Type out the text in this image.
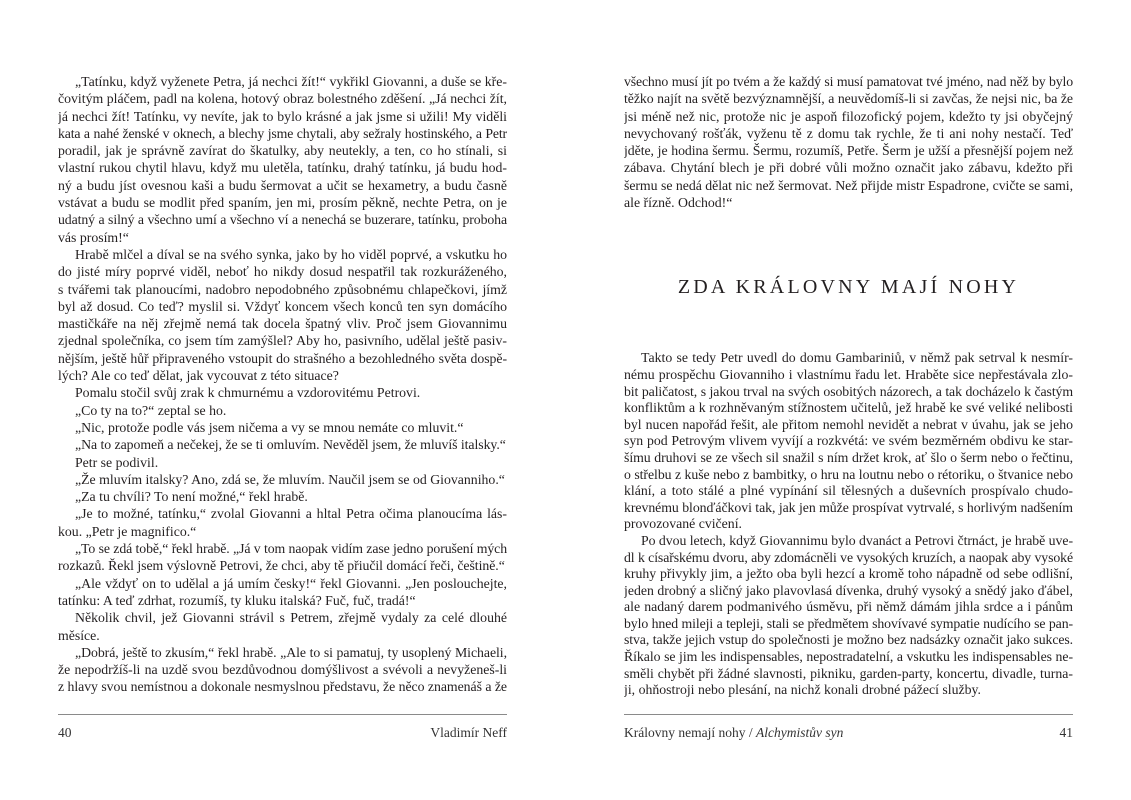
„Tatínku, když vyženete Petra, já nechci žít!“ vykřikl Giovanni, a duše se kře-
čovitým pláčem, padl na kolena, hotový obraz bolestného zděšení. „Já nechci žít,
já nechci žít! Tatínku, vy nevíte, jak to bylo krásné a jak jsme si užili! My viděli
kata a nahé ženské v oknech, a blechy jsme chytali, aby sežraly hostinského, a Petr
poradil, jak je správně zavírat do škatulky, aby neutekly, a ten, co ho stínali, si
vlastní rukou chytil hlavu, když mu uletěla, tatínku, drahý tatínku, já budu hod-
ný a budu jíst ovesnou kaši a budu šermovat a učit se hexametry, a budu časně
vstávat a budu se modlit před spaním, jen mi, prosím pěkně, nechte Petra, on je
udatný a silný a všechno umí a všechno ví a nenechá se buzerare, tatínku, proboha
vás prosím!“
Hrabě mlčel a díval se na svého synka, jako by ho viděl poprvé, a vskutku ho
do jisté míry poprvé viděl, neboť ho nikdy dosud nespatřil tak rozkuráženého,
s tvářemi tak planoucími, nadobro nepodobného způsobnému chlapečkovi, jímž
byl až dosud. Co teď? myslil si. Vždyť koncem všech konců ten syn domácího
mastičkáře na něj zřejmě nemá tak docela špatný vliv. Proč jsem Giovannimu
zjednal společníka, co jsem tím zamýšlel? Aby ho, pasivního, udělal ještě pasiv-
nějším, ještě hůř připraveného vstoupit do strašného a bezohledného světa dospě-
lých? Ale co teď dělat, jak vycouvat z této situace?
Pomalu stočil svůj zrak k chmurnému a vzdorovitému Petrovi.
„Co ty na to?“ zeptal se ho.
„Nic, protože podle vás jsem ničema a vy se mnou nemáte co mluvit.“
„Na to zapomeň a nečekej, že se ti omluvím. Nevěděl jsem, že mluvíš italsky.“
Petr se podivil.
„Že mluvím italsky? Ano, zdá se, že mluvím. Naučil jsem se od Giovanniho.“
„Za tu chvíli? To není možné,“ řekl hrabě.
„Je to možné, tatínku,“ zvolal Giovanni a hltal Petra očima planoucíma lás-
kou. „Petr je magnifico.“
„To se zdá tobě,“ řekl hrabě. „Já v tom naopak vidím zase jedno porušení mých
rozkazů. Řekl jsem výslovně Petrovi, že chci, aby tě přiučil domácí řeči, češtině.“
„Ale vždyť on to udělal a já umím česky!“ řekl Giovanni. „Jen poslouchejte,
tatínku: A teď zdrhat, rozumíš, ty kluku italská? Fuč, fuč, tradá!“
Několik chvil, jež Giovanni strávil s Petrem, zřejmě vydaly za celé dlouhé
měsíce.
„Dobrá, ještě to zkusím,“ řekl hrabě. „Ale to si pamatuj, ty usoplený Michaeli,
že nepodržíš-li na uzdě svou bezdůvodnou domýšlivost a svévoli a nevyženeš-li
z hlavy svou nemístnou a dokonale nesmyslnou představu, že něco znamenáš a že
40	Vladimír Neff
všechno musí jít po tvém a že každý si musí pamatovat tvé jméno, nad něž by bylo
těžko najít na světě bezvýznamnější, a neuvědomíš-li si zavčas, že nejsi nic, ba že
jsi méně než nic, protože nic je aspoň filozofický pojem, kdežto ty jsi obyčejný
nevychovaný rošťák, vyženu tě z domu tak rychle, že ti ani nohy nestačí. Teď
jděte, je hodina šermu. Šermu, rozumíš, Petře. Šerm je užší a přesnější pojem než
zábava. Chytání blech je při dobré vůli možno označit jako zábavu, kdežto při
šermu se nedá dělat nic než šermovat. Než přijde mistr Espadrone, cvičte se sami,
ale řízně. Odchod!“
ZDA KRÁLOVNY MAJÍ NOHY
Takto se tedy Petr uvedl do domu Gambariniů, v němž pak setrval k nesmír-
nému prospěchu Giovanniho i vlastnímu řadu let. Hraběte sice nepřestávala zlo-
bit paličatost, s jakou trval na svých osobitých názorech, a tak docházelo k častým
konfliktům a k rozhněvaným stížnostem učitelů, jež hrabě ke své veliké nelibosti
byl nucen napořád řešit, ale přitom nemohl nevidět a nebrat v úvahu, jak se jeho
syn pod Petrovým vlivem vyvíjí a rozkvétá: ve svém bezměrném obdivu ke star-
šímu druhovi se ze všech sil snažil s ním držet krok, ať šlo o šerm nebo o řečtinu,
o střelbu z kuše nebo z bambitky, o hru na loutnu nebo o rétoriku, o štvanice nebo
klání, a toto stálé a plné vypínání sil tělesných a duševních prospívalo chudo-
krevnému blonďáčkovi tak, jak jen může prospívat vytrvalé, s horlivým nadšením
provozované cvičení.
Po dvou letech, když Giovannimu bylo dvanáct a Petrovi čtrnáct, je hrabě uve-
dl k císařskému dvoru, aby zdomácněli ve vysokých kruzích, a naopak aby vysoké
kruhy přivykly jim, a ježto oba byli hezcí a kromě toho nápadně od sebe odlišní,
jeden drobný a sličný jako plavovlasá dívenka, druhý vysoký a snědý jako ďábel,
ale nadaný darem podmanivého úsměvu, při němž dámám jihla srdce a i pánům
bylo hned mileji a tepleji, stali se předmětem shovívavé sympatie nudícího se pan-
stva, takže jejich vstup do společnosti je možno bez nadsázky označit jako sukces.
Říkalo se jim les indispensables, nepostradatelní, a vskutku les indispensables ne-
směli chybět při žádné slavnosti, pikniku, garden-party, koncertu, divadle, turna-
ji, ohňostroji nebo plesání, na nichž konali drobné pážecí služby.
Královny nemají nohy / Alchymistův syn	41
